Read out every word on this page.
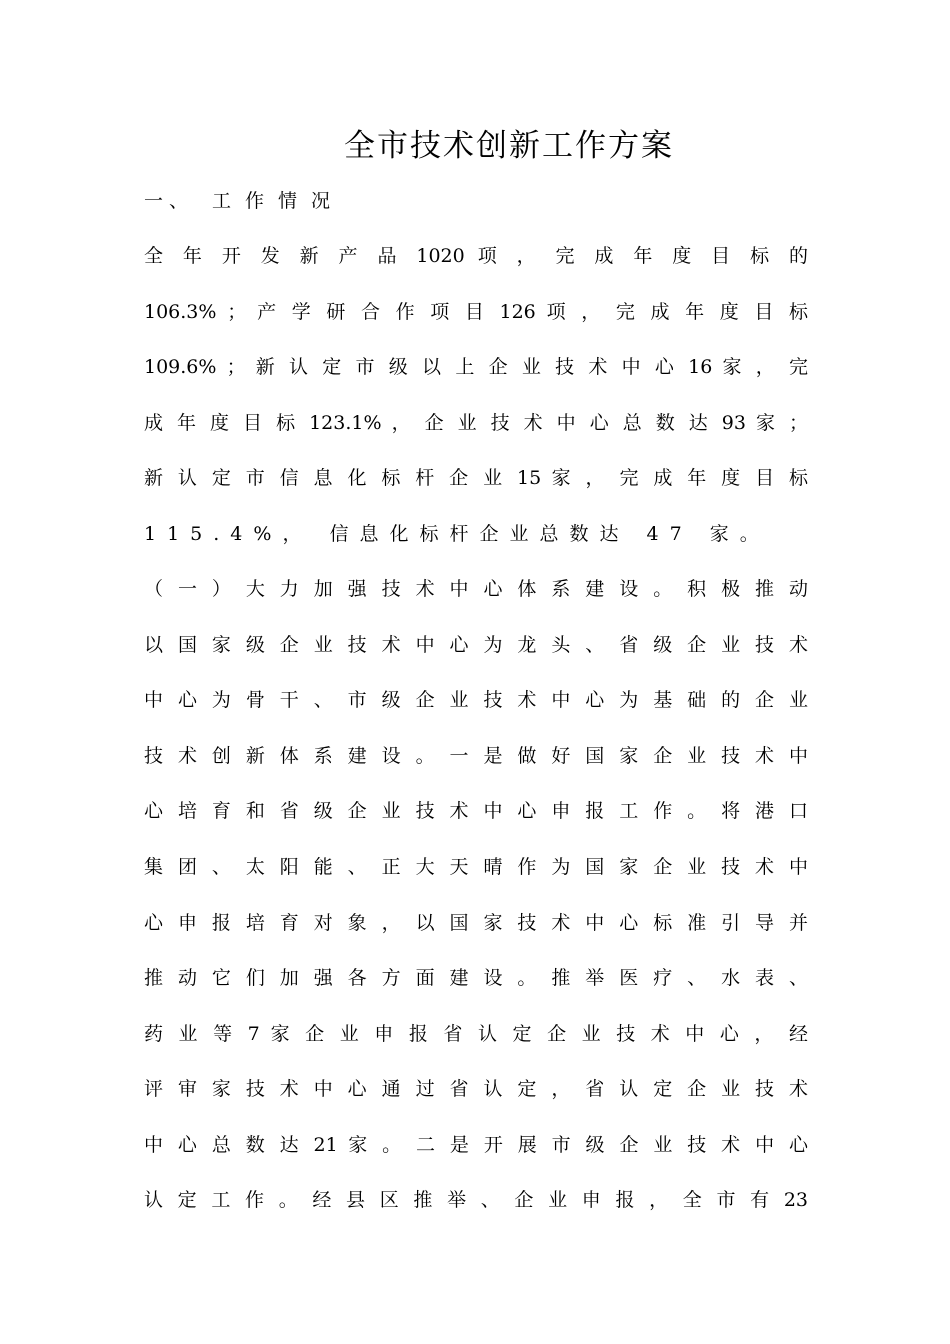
全市技术创新工作方案
一、 工作情况
全 年 开 发 新 产 品 1020 项 ， 完 成 年 度 目 标 的
106.3% ； 产 学 研 合 作 项 目 126 项 ， 完 成 年 度 目 标
109.6% ； 新 认 定 市 级 以 上 企 业 技 术 中 心 16 家 ， 完
成 年 度 目 标 123.1% ， 企 业 技 术 中 心 总 数 达 93 家 ；
新 认 定 市 信 息 化 标 杆 企 业 15 家 ， 完 成 年 度 目 标
115.4%， 信息化标杆企业总数达 47 家。
（ 一 ） 大 力 加 强 技 术 中 心 体 系 建 设 。 积 极 推 动
以 国 家 级 企 业 技 术 中 心 为 龙 头 、 省 级 企 业 技 术
中 心 为 骨 干 、 市 级 企 业 技 术 中 心 为 基 础 的 企 业
技 术 创 新 体 系 建 设 。 一 是 做 好 国 家 企 业 技 术 中
心 培 育 和 省 级 企 业 技 术 中 心 申 报 工 作 。 将 港 口
集 团 、 太 阳 能 、 正 大 天 晴 作 为 国 家 企 业 技 术 中
心 申 报 培 育 对 象 ， 以 国 家 技 术 中 心 标 准 引 导 并
推 动 它 们 加 强 各 方 面 建 设 。 推 举 医 疗 、 水 表 、
药 业 等 7 家 企 业 申 报 省 认 定 企 业 技 术 中 心 ， 经
评 审 家 技 术 中 心 通 过 省 认 定 ， 省 认 定 企 业 技 术
中 心 总 数 达 21 家 。 二 是 开 展 市 级 企 业 技 术 中 心
认 定 工 作 。 经 县 区 推 举 、 企 业 申 报 ， 全 市 有 23
